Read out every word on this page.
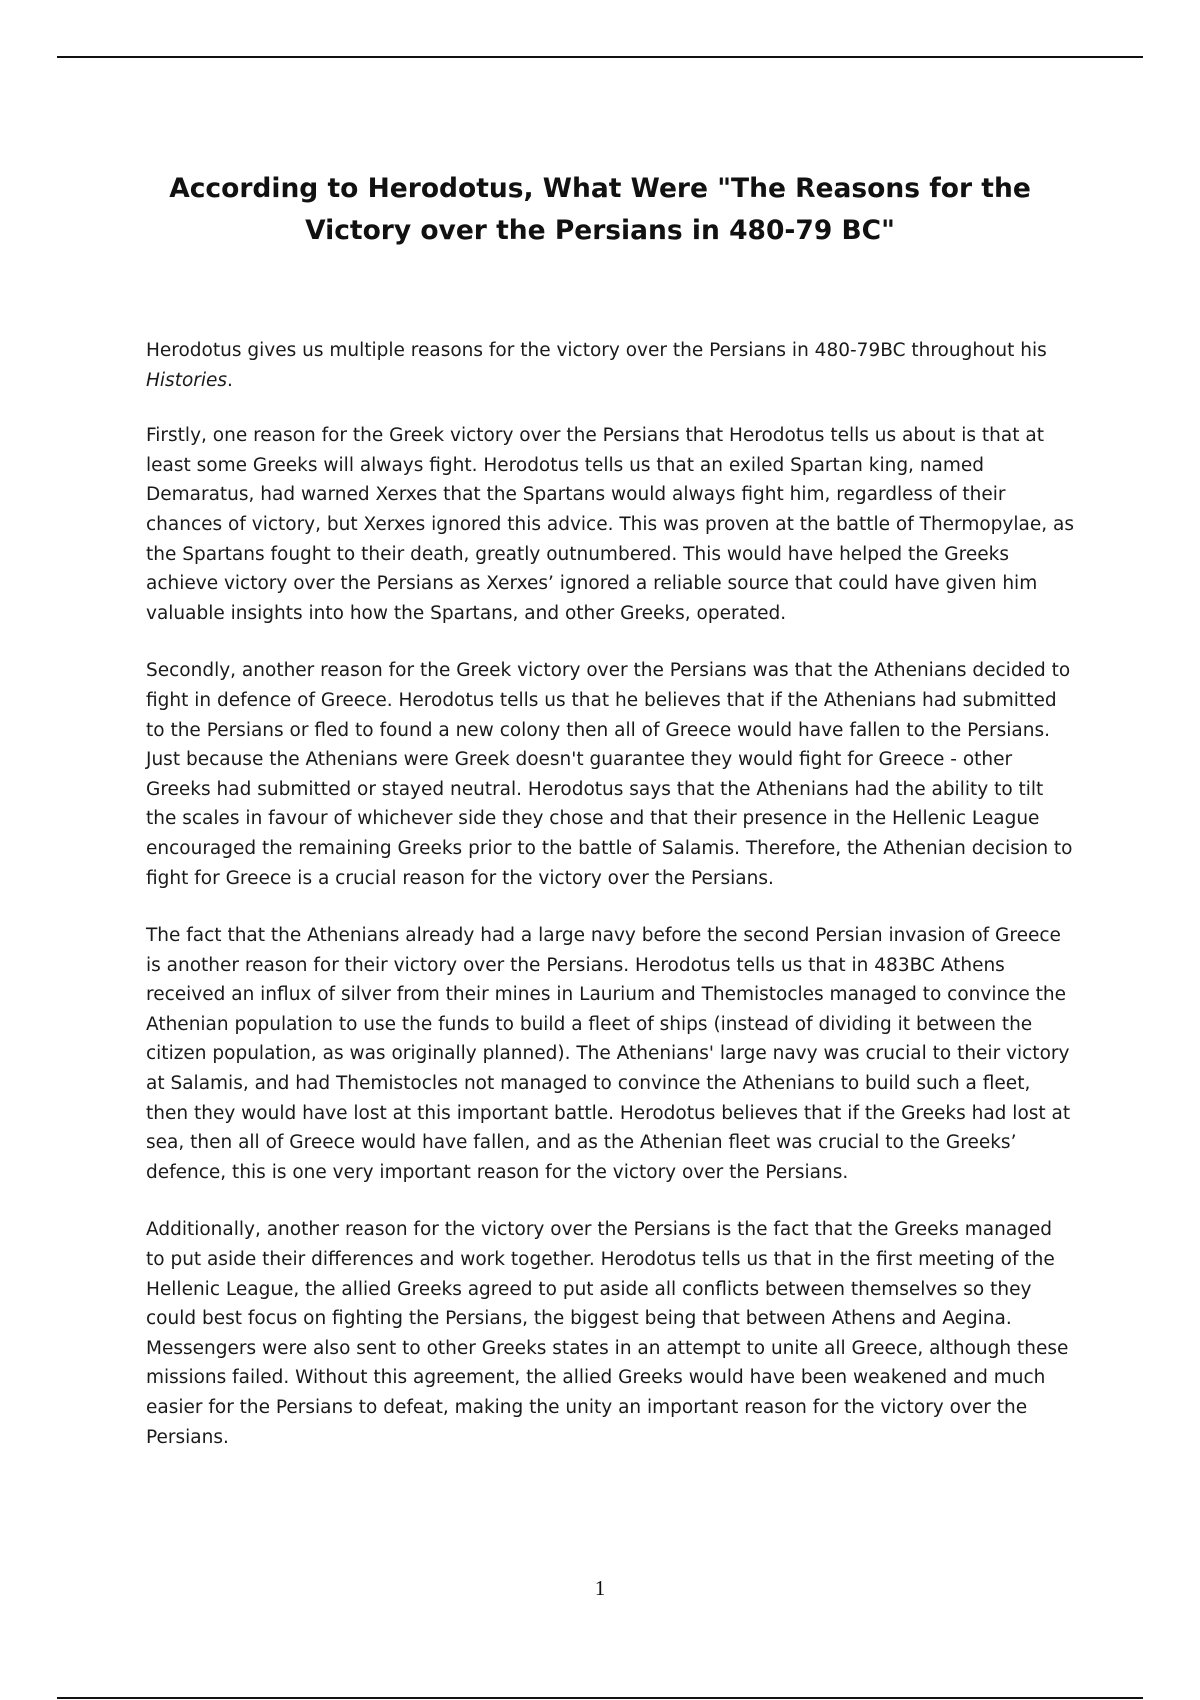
According to Herodotus, What Were "The Reasons for the Victory over the Persians in 480-79 BC"

Herodotus gives us multiple reasons for the victory over the Persians in 480-79BC throughout his Histories.

Firstly, one reason for the Greek victory over the Persians that Herodotus tells us about is that at least some Greeks will always fight. Herodotus tells us that an exiled Spartan king, named Demaratus, had warned Xerxes that the Spartans would always fight him, regardless of their chances of victory, but Xerxes ignored this advice. This was proven at the battle of Thermopylae, as the Spartans fought to their death, greatly outnumbered. This would have helped the Greeks achieve victory over the Persians as Xerxes’ ignored a reliable source that could have given him valuable insights into how the Spartans, and other Greeks, operated.

Secondly, another reason for the Greek victory over the Persians was that the Athenians decided to fight in defence of Greece. Herodotus tells us that he believes that if the Athenians had submitted to the Persians or fled to found a new colony then all of Greece would have fallen to the Persians. Just because the Athenians were Greek doesn't guarantee they would fight for Greece - other Greeks had submitted or stayed neutral. Herodotus says that the Athenians had the ability to tilt the scales in favour of whichever side they chose and that their presence in the Hellenic League encouraged the remaining Greeks prior to the battle of Salamis. Therefore, the Athenian decision to fight for Greece is a crucial reason for the victory over the Persians.

The fact that the Athenians already had a large navy before the second Persian invasion of Greece is another reason for their victory over the Persians. Herodotus tells us that in 483BC Athens received an influx of silver from their mines in Laurium and Themistocles managed to convince the Athenian population to use the funds to build a fleet of ships (instead of dividing it between the citizen population, as was originally planned). The Athenians' large navy was crucial to their victory at Salamis, and had Themistocles not managed to convince the Athenians to build such a fleet, then they would have lost at this important battle. Herodotus believes that if the Greeks had lost at sea, then all of Greece would have fallen, and as the Athenian fleet was crucial to the Greeks’ defence, this is one very important reason for the victory over the Persians.

Additionally, another reason for the victory over the Persians is the fact that the Greeks managed to put aside their differences and work together. Herodotus tells us that in the first meeting of the Hellenic League, the allied Greeks agreed to put aside all conflicts between themselves so they could best focus on fighting the Persians, the biggest being that between Athens and Aegina. Messengers were also sent to other Greeks states in an attempt to unite all Greece, although these missions failed. Without this agreement, the allied Greeks would have been weakened and much easier for the Persians to defeat, making the unity an important reason for the victory over the Persians.

1
